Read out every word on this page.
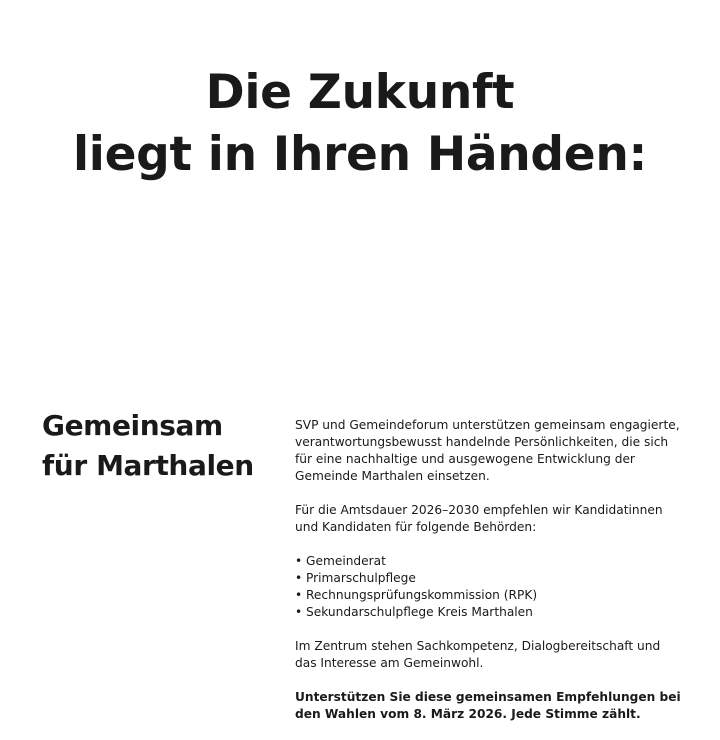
Die Zukunft
liegt in Ihren Händen:
Gemeinsam
für Marthalen

SVP und Gemeindeforum unterstützen gemeinsam engagierte,
verantwortungsbewusst handelnde Persönlichkeiten, die sich
für eine nachhaltige und ausgewogene Entwicklung der
Gemeinde Marthalen einsetzen.

Für die Amtsdauer 2026–2030 empfehlen wir Kandidatinnen
und Kandidaten für folgende Behörden:

• Gemeinderat
• Primarschulpflege
• Rechnungsprüfungskommission (RPK)
• Sekundarschulpflege Kreis Marthalen

Im Zentrum stehen Sachkompetenz, Dialogbereitschaft und
das Interesse am Gemeinwohl.

Unterstützen Sie diese gemeinsamen Empfehlungen bei
den Wahlen vom 8. März 2026. Jede Stimme zählt.
